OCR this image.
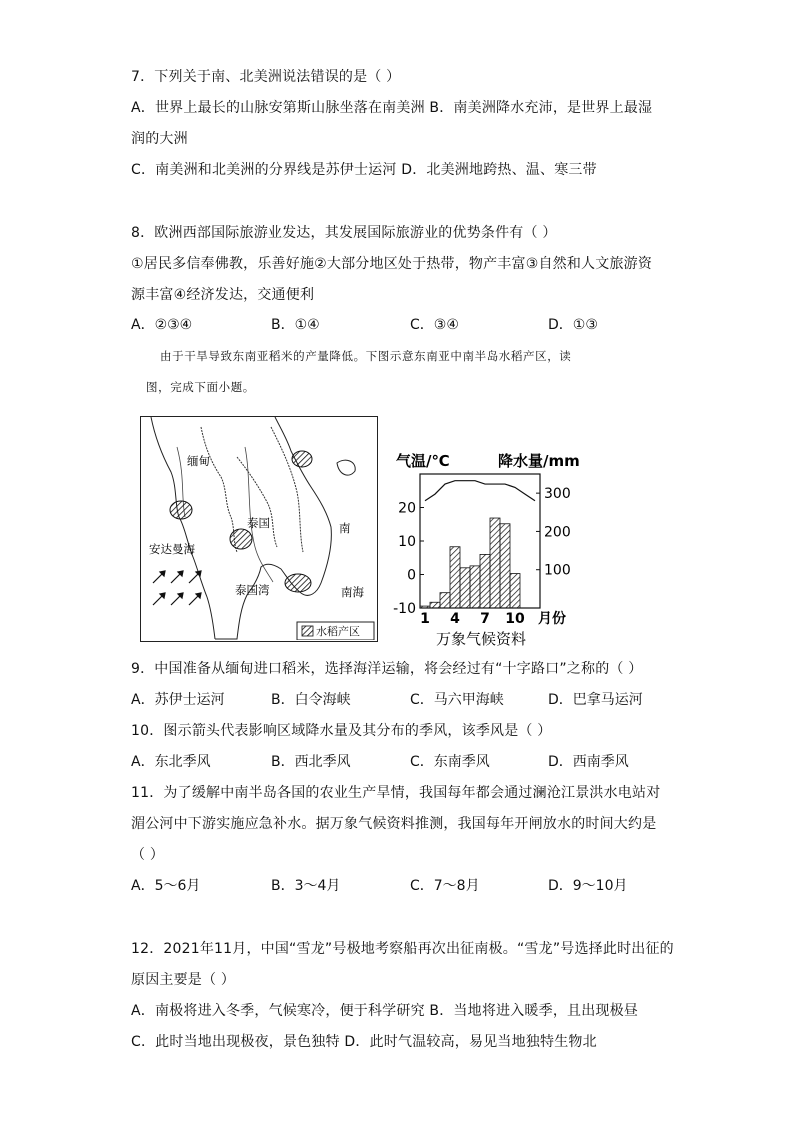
7．下列关于南、北美洲说法错误的是（ ）
A．世界上最长的山脉安第斯山脉坐落在南美洲 B．南美洲降水充沛，是世界上最湿
润的大洲
C．南美洲和北美洲的分界线是苏伊士运河 D．北美洲地跨热、温、寒三带
8．欧洲西部国际旅游业发达，其发展国际旅游业的优势条件有（ ）
①居民多信奉佛教，乐善好施②大部分地区处于热带，物产丰富③自然和人文旅游资
源丰富④经济发达，交通便利
A．②③④	B．①④	C．③④	D．①③
由于干旱导致东南亚稻米的产量降低。下图示意东南亚中南半岛水稻产区，读
图，完成下面小题。
水稻产区
缅甸
泰国
安达曼海
泰国湾
南
南海
气温/℃	降水量/mm
20
10
0
-10
300
200
100
1 4 7 10 月份
万象气候资料
9．中国准备从缅甸进口稻米，选择海洋运输，将会经过有“十字路口”之称的（ ）
A．苏伊士运河	B．白令海峡	C．马六甲海峡	D．巴拿马运河
10．图示箭头代表影响区域降水量及其分布的季风，该季风是（ ）
A．东北季风	B．西北季风	C．东南季风	D．西南季风
11．为了缓解中南半岛各国的农业生产旱情，我国每年都会通过澜沧江景洪水电站对
湄公河中下游实施应急补水。据万象气候资料推测，我国每年开闸放水的时间大约是
（ ）
A．5～6月	B．3～4月	C．7～8月	D．9～10月
12．2021年11月，中国“雪龙”号极地考察船再次出征南极。“雪龙”号选择此时出征的
原因主要是（ ）
A．南极将进入冬季，气候寒冷，便于科学研究 B．当地将进入暖季，且出现极昼
C．此时当地出现极夜，景色独特 D．此时气温较高，易见当地独特生物北
